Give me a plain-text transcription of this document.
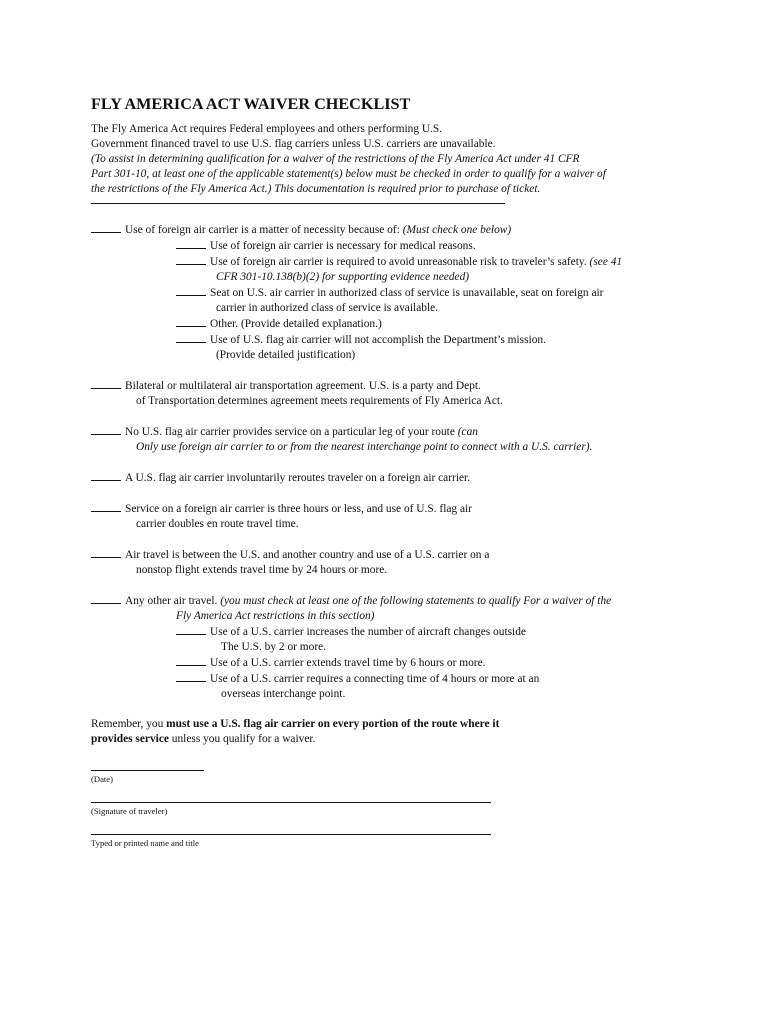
FLY AMERICA ACT WAIVER CHECKLIST

The Fly America Act requires Federal employees and others performing U.S.

Government financed travel to use U.S. flag carriers unless U.S. carriers are unavailable.

(To assist in determining qualification for a waiver of the restrictions of the Fly America Act under 41 CFR

Part 301-10, at least one of the applicable statement(s) below must be checked in order to qualify for a waiver of

the restrictions of the Fly America Act.) This documentation is required prior to purchase of ticket.

Use of foreign air carrier is a matter of necessity because of: (Must check one below)

Use of foreign air carrier is necessary for medical reasons.

Use of foreign air carrier is required to avoid unreasonable risk to traveler’s safety. (see 41

CFR 301-10.138(b)(2) for supporting evidence needed)

Seat on U.S. air carrier in authorized class of service is unavailable, seat on foreign air

carrier in authorized class of service is available.

Other. (Provide detailed explanation.)

Use of U.S. flag air carrier will not accomplish the Department’s mission.

(Provide detailed justification)

Bilateral or multilateral air transportation agreement. U.S. is a party and Dept.

of Transportation determines agreement meets requirements of Fly America Act.

No U.S. flag air carrier provides service on a particular leg of your route (can

Only use foreign air carrier to or from the nearest interchange point to connect with a U.S. carrier).

A U.S. flag air carrier involuntarily reroutes traveler on a foreign air carrier.

Service on a foreign air carrier is three hours or less, and use of U.S. flag air

carrier doubles en route travel time.

Air travel is between the U.S. and another country and use of a U.S. carrier on a

nonstop flight extends travel time by 24 hours or more.

Any other air travel. (you must check at least one of the following statements to qualify For a waiver of the

Fly America Act restrictions in this section)

Use of a U.S. carrier increases the number of aircraft changes outside

The U.S. by 2 or more.

Use of a U.S. carrier extends travel time by 6 hours or more.

Use of a U.S. carrier requires a connecting time of 4 hours or more at an

overseas interchange point.

Remember, you must use a U.S. flag air carrier on every portion of the route where it

provides service unless you qualify for a waiver.

(Date)
(Signature of traveler)
Typed or printed name and title
